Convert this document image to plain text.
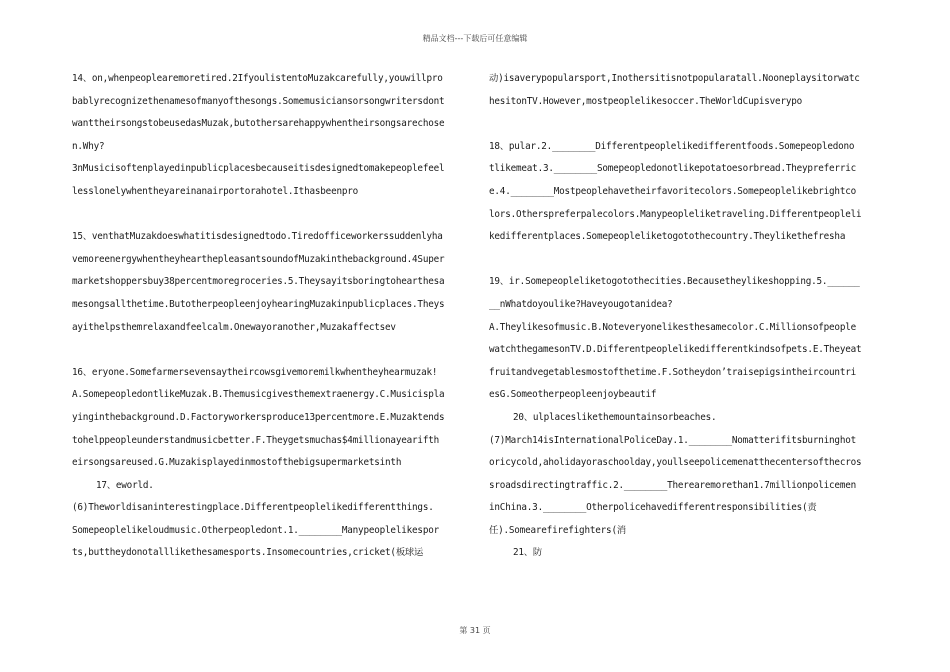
精品文档---下载后可任意编辑
14、on,whenpeoplearemoretired.2IfyoulistentoMuzakcarefully,youwillpro
bablyrecognizethenamesofmanyofthesongs.Somemusiciansorsongwritersdont
wanttheirsongstobeusedasMuzak,butothersarehappywhentheirsongsarechose
n.Why?
3nMusicisoftenplayedinpublicplacesbecauseitisdesignedtomakepeoplefeel
lesslonelywhentheyareinanairportorahotel.Ithasbeenpro
15、venthatMuzakdoeswhatitisdesignedtodo.Tiredofficeworkerssuddenlyha
vemoreenergywhentheyhearthepleasantsoundofMuzakinthebackground.4Super
marketshoppersbuy38percentmoregroceries.5.Theysayitsboringtohearthesa
mesongsallthetime.ButotherpeopleenjoyhearingMuzakinpublicplaces.Theys
ayithelpsthemrelaxandfeelcalm.Onewayoranother,Muzakaffectsev
16、eryone.Somefarmersevensaytheircowsgivemoremilkwhentheyhearmuzak!
A.SomepeopledontlikeMuzak.B.Themusicgivesthemextraenergy.C.Musicispla
yinginthebackground.D.Factoryworkersproduce13percentmore.E.Muzaktends
tohelppeopleunderstandmusicbetter.F.Theygetsmuchas$4millionayearifth
eirsongsareused.G.Muzakisplayedinmostofthebigsupermarketsinth
17、eworld.
(6)Theworldisaninterestingplace.Differentpeoplelikedifferentthings.
Somepeoplelikeloudmusic.Otherpeopledont.1.________Manypeoplelikespor
ts,buttheydonotalllikethesamesports.Insomecountries,cricket(板球运
动)isaverypopularsport,Inothersitisnotpopularatall.Nooneplaysitorwatc
hesitonTV.However,mostpeoplelikesoccer.TheWorldCupisverypo
18、pular.2.________Differentpeoplelikedifferentfoods.Somepeopledono
tlikemeat.3.________Somepeopledonotlikepotatoesorbread.Theypreferric
e.4.________Mostpeoplehavetheirfavoritecolors.Somepeoplelikebrightco
lors.Otherspreferpalecolors.Manypeopleliketraveling.Differentpeopleli
kedifferentplaces.Somepeopleliketogotothecountry.Theylikethefresha
19、ir.Somepeopleliketogotothecities.Becausetheylikeshopping.5.______
__nWhatdoyoulike?Haveyougotanidea?
A.Theylikesofmusic.B.Noteveryonelikesthesamecolor.C.Millionsofpeople
watchthegamesonTV.D.Differentpeoplelikedifferentkindsofpets.E.Theyeat
fruitandvegetablesmostofthetime.F.Sotheydon’traisepigsintheircountri
esG.Someotherpeopleenjoybeautif
20、ulplaceslikethemountainsorbeaches.
(7)March14isInternationalPoliceDay.1.________Nomatterifitsburninghot
oricycold,aholidayoraschoolday,youllseepolicemenatthecentersofthecros
sroadsdirectingtraffic.2.________Therearemorethan1.7millionpolicemen
inChina.3.________Otherpolicehavedifferentresponsibilities(责
任).Somearefirefighters(消
21、防
第 31 页
